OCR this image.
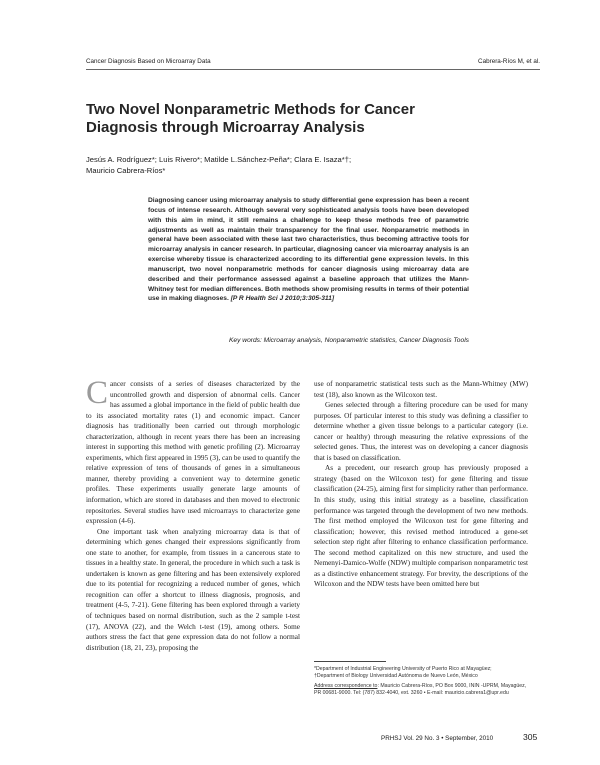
Cancer Diagnosis Based on Microarray Data	Cabrera-Ríos M, et al.
Two Novel Nonparametric Methods for Cancer
Diagnosis through Microarray Analysis
Jesús A. Rodríguez*; Luis Rivero*; Matilde L.Sánchez-Peña*; Clara E. Isaza*†;
Mauricio Cabrera-Ríos*

Diagnosing cancer using microarray analysis to study differential gene expression has been a recent focus of intense research. Although several very sophisticated analysis tools have been developed with this aim in mind, it still remains a challenge to keep these methods free of parametric adjustments as well as maintain their transparency for the final user. Nonparametric methods in general have been associated with these last two characteristics, thus becoming attractive tools for microarray analysis in cancer research. In particular, diagnosing cancer via microarray analysis is an exercise whereby tissue is characterized according to its differential gene expression levels. In this manuscript, two novel nonparametric methods for cancer diagnosis using microarray data are described and their performance assessed against a baseline approach that utilizes the Mann-Whitney test for median differences. Both methods show promising results in terms of their potential use in making diagnoses. [P R Health Sci J 2010;3:305-311]

Key words: Microarray analysis, Nonparametric statistics, Cancer Diagnosis Tools

Cancer consists of a series of diseases characterized by the uncontrolled growth and dispersion of abnormal cells. Cancer has assumed a global importance in the field of public health due to its associated mortality rates (1) and economic impact. Cancer diagnosis has traditionally been carried out through morphologic characterization, although in recent years there has been an increasing interest in supporting this method with genetic profiling (2). Microarray experiments, which first appeared in 1995 (3), can be used to quantify the relative expression of tens of thousands of genes in a simultaneous manner, thereby providing a convenient way to determine genetic profiles. These experiments usually generate large amounts of information, which are stored in databases and then moved to electronic repositories. Several studies have used microarrays to characterize gene expression (4-6).

One important task when analyzing microarray data is that of determining which genes changed their expressions significantly from one state to another, for example, from tissues in a cancerous state to tissues in a healthy state. In general, the procedure in which such a task is undertaken is known as gene filtering and has been extensively explored due to its potential for recognizing a reduced number of genes, which recognition can offer a shortcut to illness diagnosis, prognosis, and treatment (4-5, 7-21). Gene filtering has been explored through a variety of techniques based on normal distribution, such as the 2 sample t-test (17), ANOVA (22), and the Welch t-test (19), among others. Some authors stress the fact that gene expression data do not follow a normal distribution (18, 21, 23), proposing the

use of nonparametric statistical tests such as the Mann-Whitney (MW) test (18), also known as the Wilcoxon test.

Genes selected through a filtering procedure can be used for many purposes. Of particular interest to this study was defining a classifier to determine whether a given tissue belongs to a particular category (i.e. cancer or healthy) through measuring the relative expressions of the selected genes. Thus, the interest was on developing a cancer diagnosis that is based on classification.

As a precedent, our research group has previously proposed a strategy (based on the Wilcoxon test) for gene filtering and tissue classification (24-25), aiming first for simplicity rather than performance. In this study, using this initial strategy as a baseline, classification performance was targeted through the development of two new methods. The first method employed the Wilcoxon test for gene filtering and classification; however, this revised method introduced a gene-set selection step right after filtering to enhance classification performance. The second method capitalized on this new structure, and used the Nemenyi-Damico-Wolfe (NDW) multiple comparison nonparametric test as a distinctive enhancement strategy. For brevity, the descriptions of the Wilcoxon and the NDW tests have been omitted here but

*Department of Industrial Engineering University of Puerto Rico at Mayagüez;
†Department of Biology Universidad Autónoma de Nuevo León, México
Address correspondence to: Mauricio Cabrera-Ríos, PO Box 9000, ININ -UPRM, Mayagüez, PR 00681-9000. Tel: (787) 832-4040, ext. 3260 • E-mail: mauricio.cabrera1@upr.edu
PRHSJ Vol. 29 No. 3 • September, 2010	305
